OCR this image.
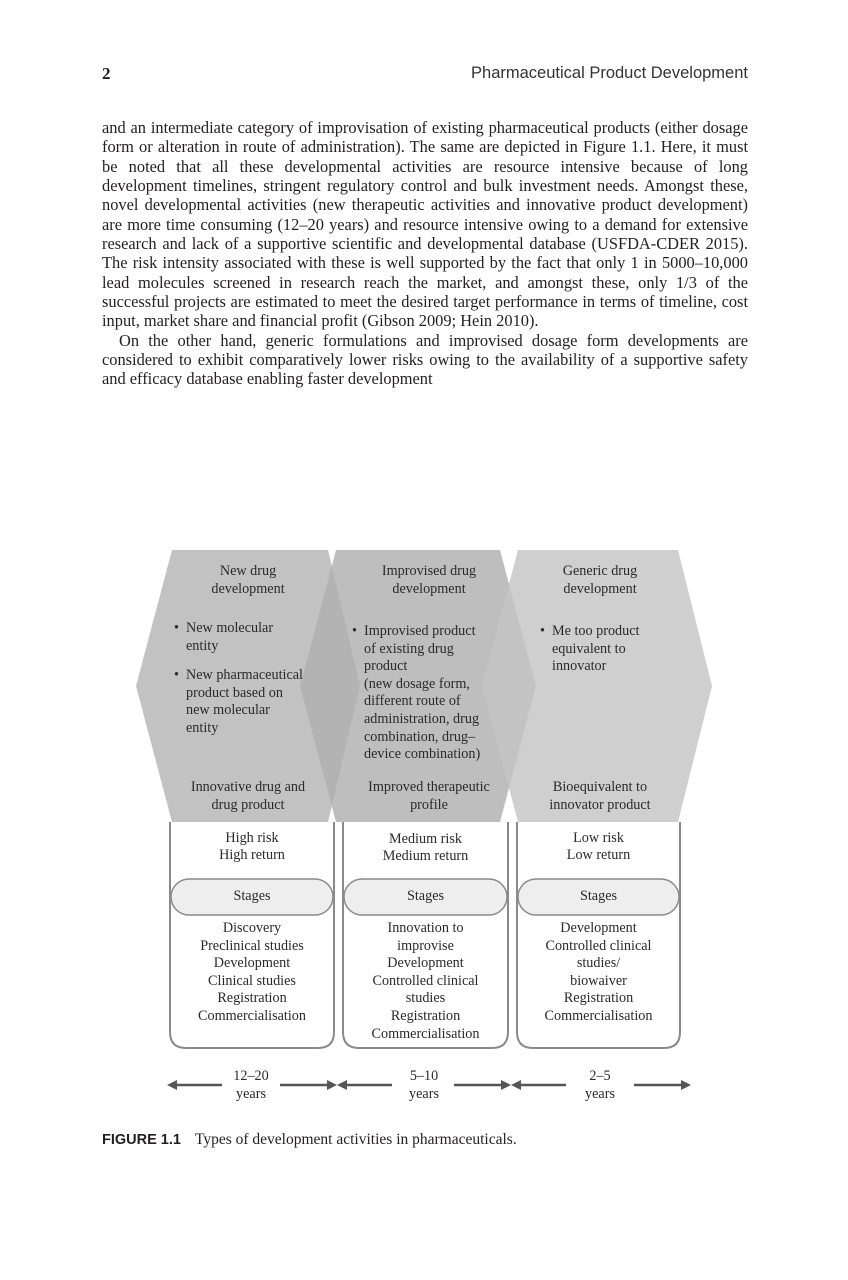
2	Pharmaceutical Product Development

and an intermediate category of improvisation of existing pharmaceutical products (either dosage form or alteration in route of administration). The same are depicted in Figure 1.1. Here, it must be noted that all these developmental activities are resource intensive because of long development timelines, stringent regulatory control and bulk investment needs. Amongst these, novel developmental activities (new therapeutic activities and innovative product development) are more time consuming (12–20 years) and resource intensive owing to a demand for extensive research and lack of a supportive scientific and developmental database (USFDA-CDER 2015). The risk intensity associated with these is well supported by the fact that only 1 in 5000–10,000 lead molecules screened in research reach the market, and amongst these, only 1/3 of the successful projects are estimated to meet the desired target performance in terms of timeline, cost input, market share and financial profit (Gibson 2009; Hein 2010).

On the other hand, generic formulations and improvised dosage form developments are considered to exhibit comparatively lower risks owing to the availability of a supportive safety and efficacy database enabling faster development

New drug
development
• New molecular
entity
• New pharmaceutical
product based on
new molecular
entity
Innovative drug and
drug product
High risk
High return
Stages
Discovery
Preclinical studies
Development
Clinical studies
Registration
Commercialisation
12–20
years
Improvised drug
development
• Improvised product
of existing drug
product
(new dosage form,
different route of
administration, drug
combination, drug–
device combination)
Improved therapeutic
profile
Medium risk
Medium return
Stages
Innovation to
improvise
Development
Controlled clinical
studies
Registration
Commercialisation
5–10
years
Generic drug
development
• Me too product
equivalent to
innovator
Bioequivalent to
innovator product
Low risk
Low return
Stages
Development
Controlled clinical
studies/
biowaiver
Registration
Commercialisation
2–5
years
FIGURE 1.1 Types of development activities in pharmaceuticals.
